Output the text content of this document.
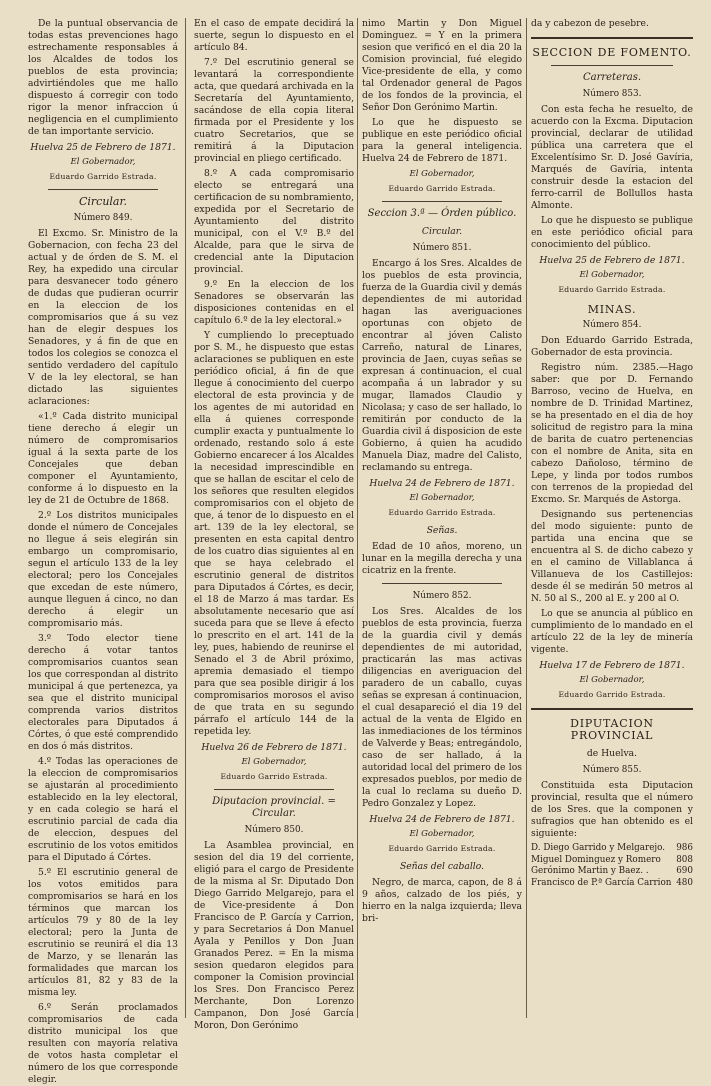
De la puntual observancia de todas estas prevenciones hago estrechamente responsables á los Alcaldes de todos los pueblos de esta provincia; advirtiéndoles que me hallo dispuesto á corregir con todo rigor la menor infraccion ú negligencia en el cumplimiento de tan importante servicio.

Huelva 25 de Febrero de 1871.
El Gobernador,
Eduardo Garrido Estrada.
Circular.
Número 849.

El Excmo. Sr. Ministro de la Gobernacion, con fecha 23 del actual y de órden de S. M. el Rey, ha expedido una circular para desvanecer todo género de dudas que pudieran ocurrir en la eleccion de los compromisarios que á su vez han de elegir despues los Senadores, y á fin de que en todos los colegios se conozca el sentido verdadero del capítulo V de la ley electoral, se han dictado las siguientes aclaraciones:

«1.º Cada distrito municipal tiene derecho á elegir un número de compromisarios igual á la sexta parte de los Concejales que deban componer el Ayuntamiento, conforme á lo dispuesto en la ley de 21 de Octubre de 1868.

2.º Los distritos municipales donde el número de Concejales no llegue á seis elegirán sin embargo un compromisario, segun el artículo 133 de la ley electoral; pero los Concejales que excedan de este número, aunque lleguen á cinco, no dan derecho á elegir un compromisario más.

3.º Todo elector tiene derecho á votar tantos compromisarios cuantos sean los que correspondan al distrito municipal á que pertenezca, ya sea que el distrito municipal comprenda varios distritos electorales para Diputados á Córtes, ó que esté comprendido en dos ó más distritos.

4.º Todas las operaciones de la eleccion de compromisarios se ajustarán al procedimiento establecido en la ley electoral, y en cada colegio se hará el escrutinio parcial de cada dia de eleccion, despues del escrutinio de los votos emitidos para el Diputado á Córtes.

5.º El escrutinio general de los votos emitidos para compromisarios se hará en los términos que marcan los artículos 79 y 80 de la ley electoral; pero la Junta de escrutinio se reunirá el dia 13 de Marzo, y se llenarán las formalidades que marcan los artículos 81, 82 y 83 de la misma ley.

6.º Serán proclamados compromisarios de cada distrito municipal los que resulten con mayoría relativa de votos hasta completar el número de los que corresponde elegir.

En el caso de empate decidirá la suerte, segun lo dispuesto en el artículo 84.

7.º Del escrutinio general se levantará la correspondiente acta, que quedará archivada en la Secretaría del Ayuntamiento, sacándose de ella copia literal firmada por el Presidente y los cuatro Secretarios, que se remitirá á la Diputacion provincial en pliego certificado.

8.º A cada compromisario electo se entregará una certificacion de su nombramiento, expedida por el Secretario de Ayuntamiento del distrito municipal, con el V.º B.º del Alcalde, para que le sirva de credencial ante la Diputacion provincial.

9.º En la eleccion de los Senadores se observarán las disposiciones contenidas en el capítulo 6.º de la ley electoral.»

Y cumpliendo lo preceptuado por S. M., he dispuesto que estas aclaraciones se publiquen en este periódico oficial, á fin de que llegue á conocimiento del cuerpo electoral de esta provincia y de los agentes de mi autoridad en ella á quienes corresponde cumplir exacta y puntualmente lo ordenado, restando solo á este Gobierno encarecer á los Alcaldes la necesidad imprescindible en que se hallan de escitar el celo de los señores que resulten elegidos compromisarios con el objeto de que, á tenor de lo dispuesto en el art. 139 de la ley electoral, se presenten en esta capital dentro de los cuatro dias siguientes al en que se haya celebrado el escrutinio general de distritos para Diputados á Córtes, es decir, el 18 de Marzo á mas tardar. Es absolutamente necesario que así suceda para que se lleve á efecto lo prescrito en el art. 141 de la ley, pues, habiendo de reunirse el Senado el 3 de Abril próximo, apremia demasiado el tiempo para que sea posible dirigir á los compromisarios morosos el aviso de que trata en su segundo párrafo el artículo 144 de la repetida ley.

Huelva 26 de Febrero de 1871.
El Gobernador,
Eduardo Garrido Estrada.
Diputacion provincial. = Circular.
Número 850.

La Asamblea provincial, en sesion del dia 19 del corriente, eligió para el cargo de Presidente de la misma al Sr. Diputado Don Diego Garrido Melgarejo, para el de Vice-presidente á Don Francisco de P. García y Carrion, y para Secretarios á Don Manuel Ayala y Penillos y Don Juan Granados Perez. = En la misma sesion quedaron elegidos para componer la Comision provincial los Sres. Don Francisco Perez Merchante, Don Lorenzo Campanon, Don José García Moron, Don Gerónimo

nimo Martin y Don Miguel Dominguez. = Y en la primera sesion que verificó en el dia 20 la Comision provincial, fué elegido Vice-presidente de ella, y como tal Ordenador general de Pagos de los fondos de la provincia, el Señor Don Gerónimo Martin.

Lo que he dispuesto se publique en este periódico oficial para la general inteligencia. Huelva 24 de Febrero de 1871.

El Gobernador,
Eduardo Garrido Estrada.
Seccion 3.ª — Órden público.
Circular.
Número 851.

Encargo á los Sres. Alcaldes de los pueblos de esta provincia, fuerza de la Guardia civil y demás dependientes de mi autoridad hagan las averiguaciones oportunas con objeto de encontrar al jóven Calisto Carreño, natural de Linares, provincia de Jaen, cuyas señas se expresan á continuacion, el cual acompaña á un labrador y su mugar, llamados Claudio y Nicolasa; y caso de ser hallado, lo remitirán por conducto de la Guardia civil á disposicion de este Gobierno, á quien ha acudido Manuela Diaz, madre del Calisto, reclamando su entrega.

Huelva 24 de Febrero de 1871.
El Gobernador,
Eduardo Garrido Estrada.
Señas.

Edad de 10 años, moreno, un lunar en la megilla derecha y una cicatriz en la frente.

Número 852.

Los Sres. Alcaldes de los pueblos de esta provincia, fuerza de la guardia civil y demás dependientes de mi autoridad, practicarán las mas activas diligencias en averiguacion del paradero de un caballo, cuyas señas se expresan á continuacion, el cual desapareció el dia 19 del actual de la venta de Elgido en las inmediaciones de los términos de Valverde y Beas; entregándolo, caso de ser hallado, á la autoridad local del primero de los expresados pueblos, por medio de la cual lo reclama su dueño D. Pedro Gonzalez y Lopez.

Huelva 24 de Febrero de 1871.
El Gobernador,
Eduardo Garrido Estrada.
Señas del caballo.

Negro, de marca, capon, de 8 á 9 años, calzado de los piés, y hierro en la nalga izquierda; lleva bri-

da y cabezon de pesebre.

SECCION DE FOMENTO.
Carreteras.
Número 853.

Con esta fecha he resuelto, de acuerdo con la Excma. Diputacion provincial, declarar de utilidad pública una carretera que el Excelentísimo Sr. D. José Gavíria, Marqués de Gavíria, intenta construir desde la estacion del ferro-carril de Bollullos hasta Almonte.

Lo que he dispuesto se publique en este periódico oficial para conocimiento del público.

Huelva 25 de Febrero de 1871.
El Gobernador,
Eduardo Garrido Estrada.
MINAS.
Número 854.

Don Eduardo Garrido Estrada, Gobernador de esta provincia.

Registro núm. 2385.—Hago saber: que por D. Fernando Barroso, vecino de Huelva, en nombre de D. Trinidad Martinez, se ha presentado en el dia de hoy solicitud de registro para la mina de barita de cuatro pertenencias con el nombre de Anita, sita en cabezo Dañoloso, término de Lepe, y linda por todos rumbos con terrenos de la propiedad del Excmo. Sr. Marqués de Astorga.

Designando sus pertenencias del modo siguiente: punto de partida una encina que se encuentra al S. de dicho cabezo y en el camino de Villablanca á Villanueva de los Castillejos: desde él se medirán 50 metros al N. 50 al S., 200 al E. y 200 al O.

Lo que se anuncia al público en cumplimiento de lo mandado en el artículo 22 de la ley de minería vigente.

Huelva 17 de Febrero de 1871.
El Gobernador,
Eduardo Garrido Estrada.
DIPUTACION PROVINCIAL
de Huelva.
Número 855.

Constituida esta Diputacion provincial, resulta que el número de los Sres. que la componen y sufragios que han obtenido es el siguiente:

D. Diego Garrido y Melgarejo.	986
Miguel Dominguez y Romero	808
Gerónimo Martin y Baez. .	690
Francisco de P.ª García Carrion	480
